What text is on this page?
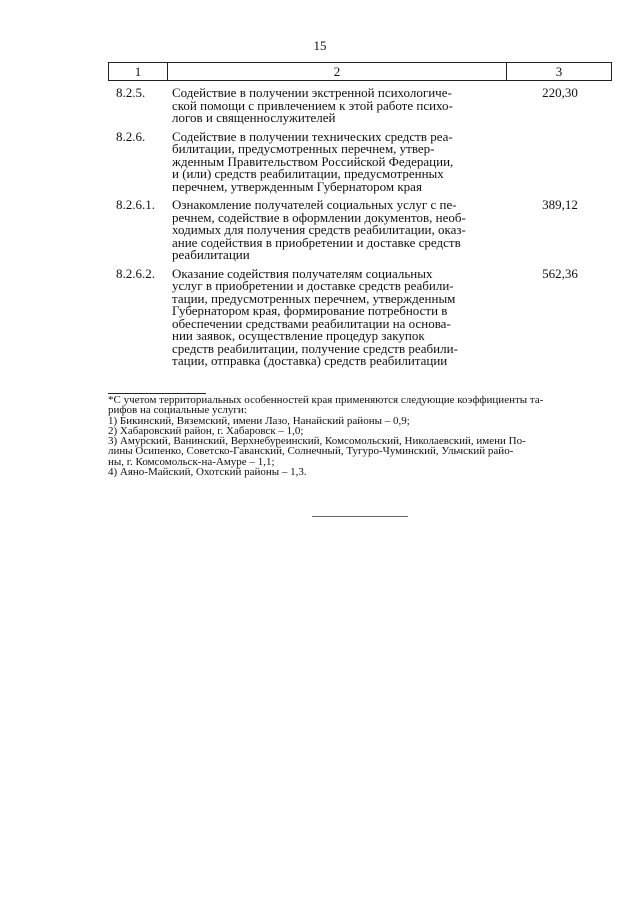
15
1	2	3
8.2.5.	Содействие в получении экстренной психологиче-
ской помощи с привлечением к этой работе психо-
логов и священнослужителей
220,30
8.2.6.	Содействие в получении технических средств реа-
билитации, предусмотренных перечнем, утвер-
жденным Правительством Российской Федерации,
и (или) средств реабилитации, предусмотренных
перечнем, утвержденным Губернатором края
8.2.6.1.	Ознакомление получателей социальных услуг с пе-
речнем, содействие в оформлении документов, необ-
ходимых для получения средств реабилитации, оказ-
ание содействия в приобретении и доставке средств
реабилитации
389,12
8.2.6.2.	Оказание содействия получателям социальных
услуг в приобретении и доставке средств реабили-
тации, предусмотренных перечнем, утвержденным
Губернатором края, формирование потребности в
обеспечении средствами реабилитации на основа-
нии заявок, осуществление процедур закупок
средств реабилитации, получение средств реабили-
тации, отправка (доставка) средств реабилитации
562,36
*С учетом территориальных особенностей края применяются следующие коэффициенты та-
рифов на социальные услуги:
1) Бикинский, Вяземский, имени Лазо, Нанайский районы – 0,9;
2) Хабаровский район, г. Хабаровск – 1,0;
3) Амурский, Ванинский, Верхнебуреинский, Комсомольский, Николаевский, имени По-
лины Осипенко, Советско-Гаванский, Солнечный, Тугуро-Чуминский, Ульчский райо-
ны, г. Комсомольск-на-Амуре – 1,1;
4) Аяно-Майский, Охотский районы – 1,3.
